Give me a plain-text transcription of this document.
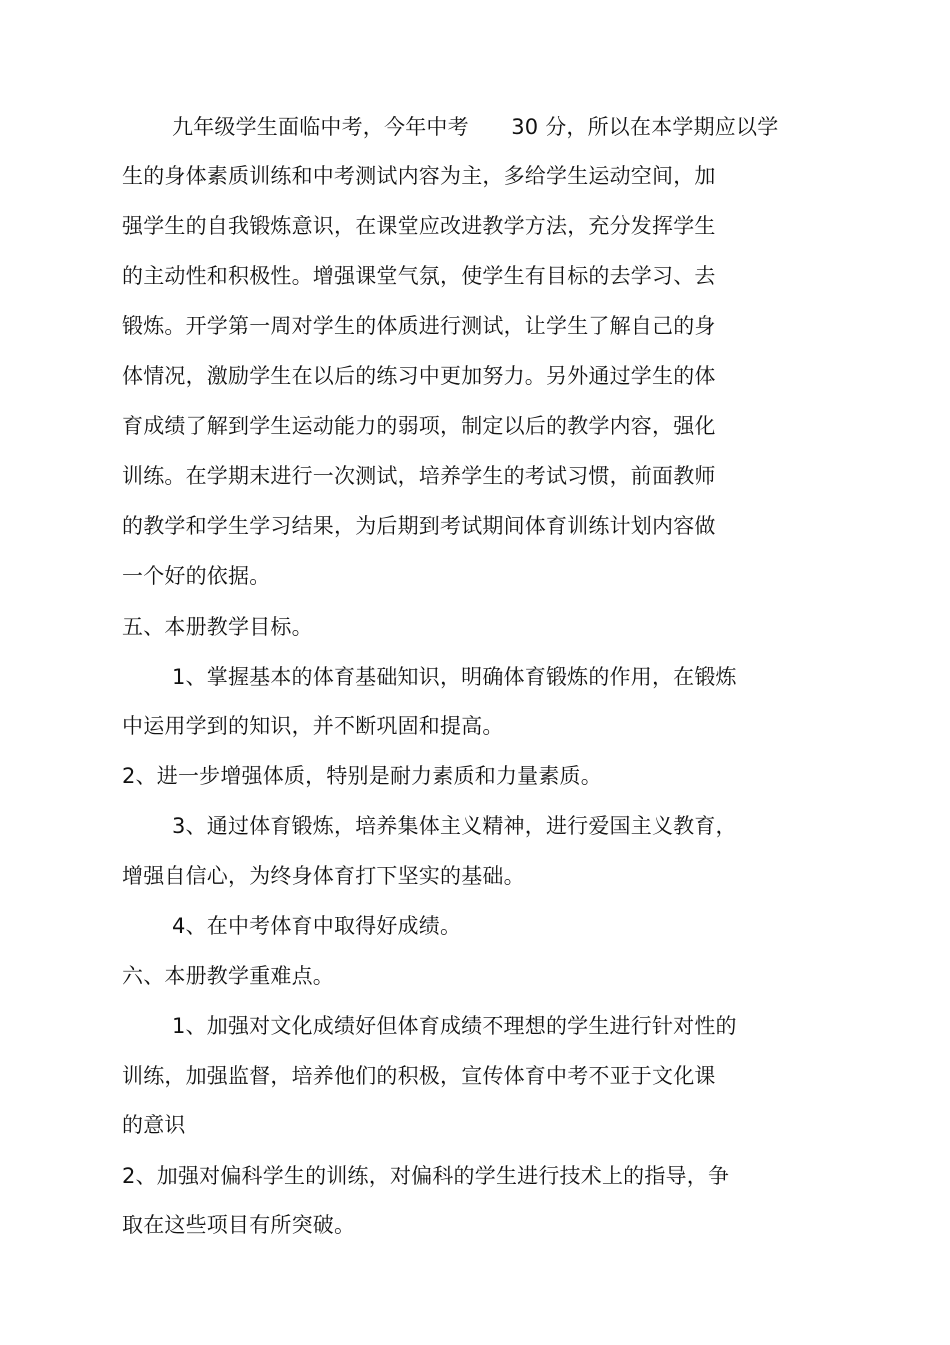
九年级学生面临中考，今年中考　　30 分，所以在本学期应以学
生的身体素质训练和中考测试内容为主，多给学生运动空间，加
强学生的自我锻炼意识，在课堂应改进教学方法，充分发挥学生
的主动性和积极性。增强课堂气氛，使学生有目标的去学习、去
锻炼。开学第一周对学生的体质进行测试，让学生了解自己的身
体情况，激励学生在以后的练习中更加努力。另外通过学生的体
育成绩了解到学生运动能力的弱项，制定以后的教学内容，强化
训练。在学期末进行一次测试，培养学生的考试习惯，前面教师
的教学和学生学习结果，为后期到考试期间体育训练计划内容做
一个好的依据。
五、本册教学目标。
1、掌握基本的体育基础知识，明确体育锻炼的作用，在锻炼
中运用学到的知识，并不断巩固和提高。
2、进一步增强体质，特别是耐力素质和力量素质。
3、通过体育锻炼，培养集体主义精神，进行爱国主义教育，
增强自信心，为终身体育打下坚实的基础。
4、在中考体育中取得好成绩。
六、本册教学重难点。
1、加强对文化成绩好但体育成绩不理想的学生进行针对性的
训练，加强监督，培养他们的积极，宣传体育中考不亚于文化课
的意识
2、加强对偏科学生的训练，对偏科的学生进行技术上的指导，争
取在这些项目有所突破。
